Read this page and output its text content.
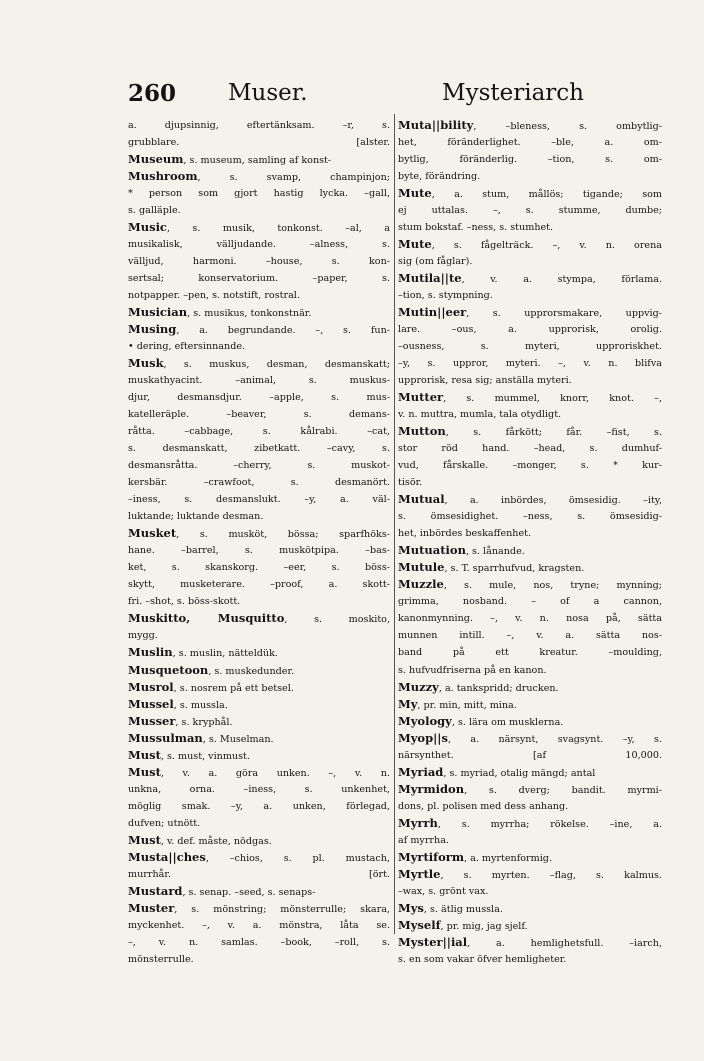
260 Muser.	Mysteriarch
a. djupsinnig, eftertänksam. –r, s.
grubblare. [alster.
Museum, s. museum, samling af konst-
Mushroom, s. svamp, champinjon;
* person som gjort hastig lycka. –gall,
s. galläple.
Music, s. musik, tonkonst. –al, a
musikalisk, välljudande. –alness, s.
välljud, harmoni. –house, s. kon-
sertsal; konservatorium. –paper, s.
notpapper. –pen, s. notstift, rostral.
Musician, s. musikus, tonkonstnär.
Musing, a. begrundande. –, s. fun-
• dering, eftersinnande.
Musk, s. muskus, desman, desmanskatt;
muskathyacint. –animal, s. muskus-
djur, desmansdjur. –apple, s. mus-
katelleräple. –beaver, s. demans-
råtta. –cabbage, s. kålrabi. –cat,
s. desmanskatt, zibetkatt. –cavy, s.
desmansråtta. –cherry, s. muskot-
kersbär. –crawfoot, s. desmanört.
–iness, s. desmanslukt. –y, a. väl-
luktande; luktande desman.
Musket, s. musköt, bössa; sparfhöks-
hane. –barrel, s. muskötpipa. –bas-
ket, s. skanskorg. –eer, s. böss-
skytt, musketerare. –proof, a. skott-
fri. –shot, s. böss-skott.
Muskitto, Musquitto, s. moskito,
mygg.
Muslin, s. muslin, nätteldük.
Musquetoon, s. muskedunder.
Musrol, s. nosrem på ett betsel.
Mussel, s. mussla.
Musser, s. kryphål.
Mussulman, s. Muselman.
Must, s. must, vinmust.
Must, v. a. göra unken. –, v. n.
unkna, orna. –iness, s. unkenhet,
möglig smak. –y, a. unken, förlegad,
dufven; utnött.
Must, v. def. måste, nödgas.
Musta||ches, –chios, s. pl. mustach,
murrhår. [ört.
Mustard, s. senap. –seed, s. senaps-
Muster, s. mönstring; mönsterrulle; skara,
myckenhet. –, v. a. mönstra, låta se.
–, v. n. samlas. –book, –roll, s.
mönsterrulle.
Muta||bility, –bleness, s. ombytlig-
het, föränderlighet. –ble, a. om-
bytlig, föränderlig. –tion, s. om-
byte, förändring.
Mute, a. stum, mållös; tigande; som
ej uttalas. –, s. stumme, dumbe;
stum bokstaf. –ness, s. stumhet.
Mute, s. fågelträck. –, v. n. orena
sig (om fåglar).
Mutila||te, v. a. stympa, förlama.
–tion, s. stympning.
Mutin||eer, s. upprorsmakare, uppvig-
lare. –ous, a. upprorisk, orolig.
–ousness, s. myteri, upproriskhet.
–y, s. uppror, myteri. –, v. n. blifva
upprorisk, resa sig; anställa myteri.
Mutter, s. mummel, knorr, knot. –,
v. n. muttra, mumla, tala otydligt.
Mutton, s. fårkött; får. –fist, s.
stor röd hand. –head, s. dumhuf-
vud, fårskalle. –monger, s. * kur-
tisör.
Mutual, a. inbördes, ömsesidig. –ity,
s. ömsesidighet. –ness, s. ömsesidig-
het, inbördes beskaffenhet.
Mutuation, s. lånande.
Mutule, s. T. sparrhufvud, kragsten.
Muzzle, s. mule, nos, tryne; mynning;
grimma, nosband. – of a cannon,
kanonmynning. –, v. n. nosa på, sätta
munnen intill. –, v. a. sätta nos-
band på ett kreatur. –moulding,
s. hufvudfriserna på en kanon.
Muzzy, a. tankspridd; drucken.
My, pr. min, mitt, mina.
Myology, s. lära om musklerna.
Myop||s, a. närsynt, svagsynt. –y, s.
närsynthet. [af 10,000.
Myriad, s. myriad, otalig mängd; antal
Myrmidon, s. dverg; bandit. myrmi-
dons, pl. polisen med dess anhang.
Myrrh, s. myrrha; rökelse. –ine, a.
af myrrha.
Myrtiform, a. myrtenformig.
Myrtle, s. myrten. –flag, s. kalmus.
–wax, s. grönt vax.
Mys, s. ätlig mussla.
Myself, pr. mig, jag sjelf.
Myster||ial, a. hemlighetsfull. –iarch,
s. en som vakar öfver hemligheter.
